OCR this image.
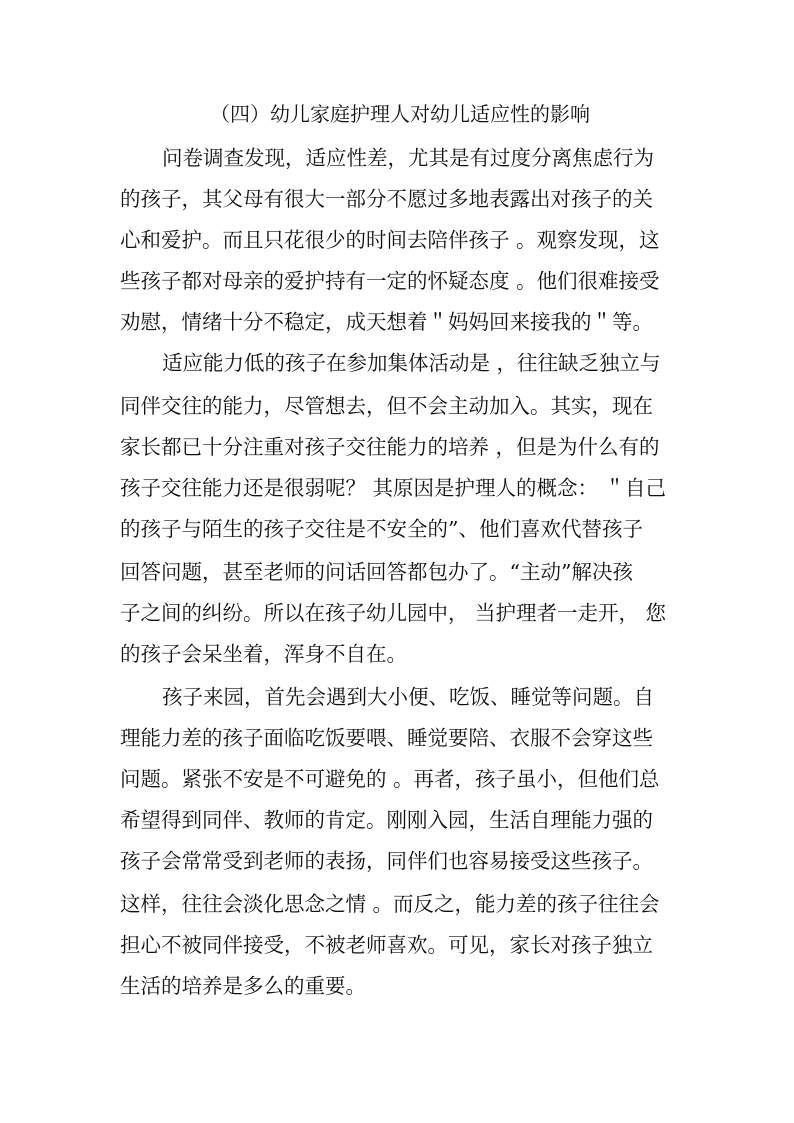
（四）幼儿家庭护理人对幼儿适应性的影响
问卷调查发现，适应性差，尤其是有过度分离焦虑行为
的孩子，其父母有很大一部分不愿过多地表露出对孩子的关
心和爱护。而且只花很少的时间去陪伴孩子 。观察发现，这
些孩子都对母亲的爱护持有一定的怀疑态度 。他们很难接受
劝慰，情绪十分不稳定，成天想着＂妈妈回来接我的＂等。
适应能力低的孩子在参加集体活动是 ，往往缺乏独立与
同伴交往的能力，尽管想去，但不会主动加入。其实，现在
家长都已十分注重对孩子交往能力的培养 ，但是为什么有的
孩子交往能力还是很弱呢？ 其原因是护理人的概念： ＂自己
的孩子与陌生的孩子交往是不安全的”、他们喜欢代替孩子
回答问题，甚至老师的问话回答都包办了。“主动”解决孩
子之间的纠纷。所以在孩子幼儿园中， 当护理者一走开， 您
的孩子会呆坐着，浑身不自在。
孩子来园，首先会遇到大小便、吃饭、睡觉等问题。自
理能力差的孩子面临吃饭要喂、睡觉要陪、衣服不会穿这些
问题。紧张不安是不可避免的 。再者，孩子虽小，但他们总
希望得到同伴、教师的肯定。刚刚入园，生活自理能力强的
孩子会常常受到老师的表扬，同伴们也容易接受这些孩子。
这样，往往会淡化思念之情 。而反之，能力差的孩子往往会
担心不被同伴接受，不被老师喜欢。可见，家长对孩子独立
生活的培养是多么的重要。
